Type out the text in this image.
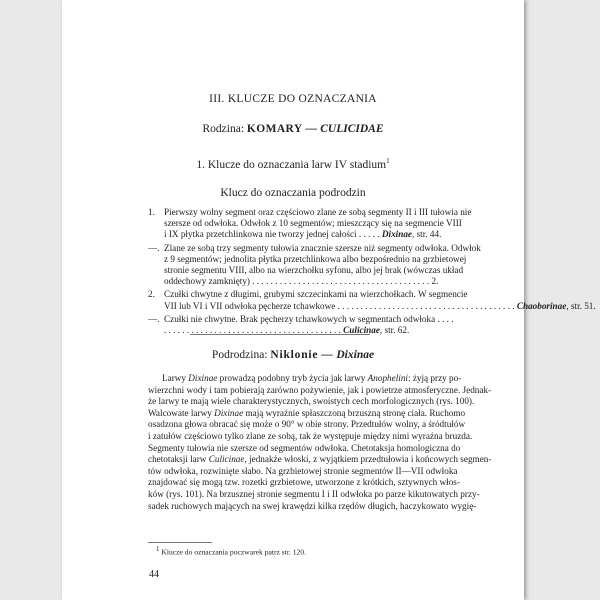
III. KLUCZE DO OZNACZANIA
Rodzina: KOMARY — CULICIDAE
1. Klucze do oznaczania larw IV stadium$^1$
Klucz do oznaczania podrodzin
1. Pierwszy wolny segment oraz częściowo zlane ze sobą segmenty II i III tułowia nie
szersze od odwłoka. Odwłok z 10 segmentów; mieszczący się na segmencie VIII
i IX płytka przetchlinkowa nie tworzy jednej całości . . . . . Dixinae, str. 44.
—. Zlane ze sobą trzy segmenty tułowia znacznie szersze niż segmenty odwłoka. Odwłok
z 9 segmentów; jednolita płytka przetchlinkowa albo bezpośrednio na grzbietowej
stronie segmentu VIII, albo na wierzchołku syfonu, albo jej brak (wówczas układ
oddechowy zamknięty) . . . . . . . . . . . . . . . . . . . . . . . . . . . . . . . . . . . . . . . 2.
2. Czułki chwytne z długimi, grubymi szczecinkami na wierzchołkach. W segmencie
VII lub VI i VII odwłoka pęcherze tchawkowe . . . . . . . . . . . . . . . . . . . . . . . . . . . . . . . . . . . . . . . Chaoborinae, str. 51.
—. Czułki nie chwytne. Brak pęcherzy tchawkowych w segmentach odwłoka . . . .
. . . . . . . . . . . . . . . . . . . . . . . . . . . . . . . . . . . . . . . Culicinae, str. 62.
Podrodzina: Niklonie — Dixinae
Larwy Dixinae prowadzą podobny tryb życia jak larwy Anophelini: żyją przy po-
wierzchni wody i tam pobierają zarówno pożywienie, jak i powietrze atmosferyczne. Jednak-
że larwy te mają wiele charakterystycznych, swoistych cech morfologicznych (rys. 100).
Walcowate larwy Dixinae mają wyraźnie spłaszczoną brzuszną stronę ciała. Ruchomo
osadzona głowa obracać się może o 90° w obie strony. Przedtułów wolny, a śródtułów
i zatułów częściowo tylko zlane ze sobą, tak że występuje między nimi wyraźna bruzda.
Segmenty tułowia nie szersze od segmentów odwłoka. Chetotaksja homologiczna do
chetotaksji larw Culicinae, jednakże włoski, z wyjątkiem przedtułowia i końcowych segmen-
tów odwłoka, rozwinięte słabo. Na grzbietowej stronie segmentów II—VII odwłoka
znajdować się mogą tzw. rozetki grzbietowe, utworzone z krótkich, sztywnych włos-
ków (rys. 101). Na brzusznej stronie segmentu I i II odwłoka po parze kikutowatych przy-
sadek ruchowych mających na swej krawędzi kilka rzędów długich, haczykowato wygię-
1 Klucze do oznaczania poczwarek patrz str. 120.
44
